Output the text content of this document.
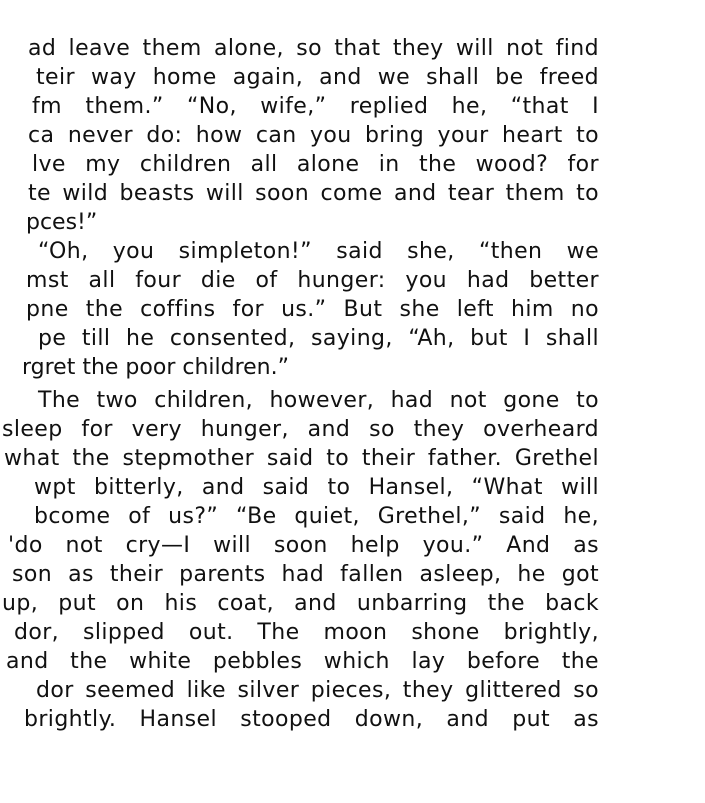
ad leave them alone, so that they will not find
teir way home again, and we shall be freed
fm them.” “No, wife,” replied he, “that I
ca never do: how can you bring your heart to
lve my children all alone in the wood? for
te wild beasts will soon come and tear them to
pces!”
“Oh, you simpleton!” said she, “then we
mst all four die of hunger: you had better
pne the coffins for us.” But she left him no
pe till he consented, saying, “Ah, but I shall
rgret the poor children.”
The two children, however, had not gone to
sleep for very hunger, and so they overheard
what the stepmother said to their father. Grethel
wpt bitterly, and said to Hansel, “What will
bcome of us?” “Be quiet, Grethel,” said he,
'do not cry—I will soon help you.” And as
son as their parents had fallen asleep, he got
up, put on his coat, and unbarring the back
dor, slipped out. The moon shone brightly,
and the white pebbles which lay before the
dor seemed like silver pieces, they glittered so
brightly. Hansel stooped down, and put as
